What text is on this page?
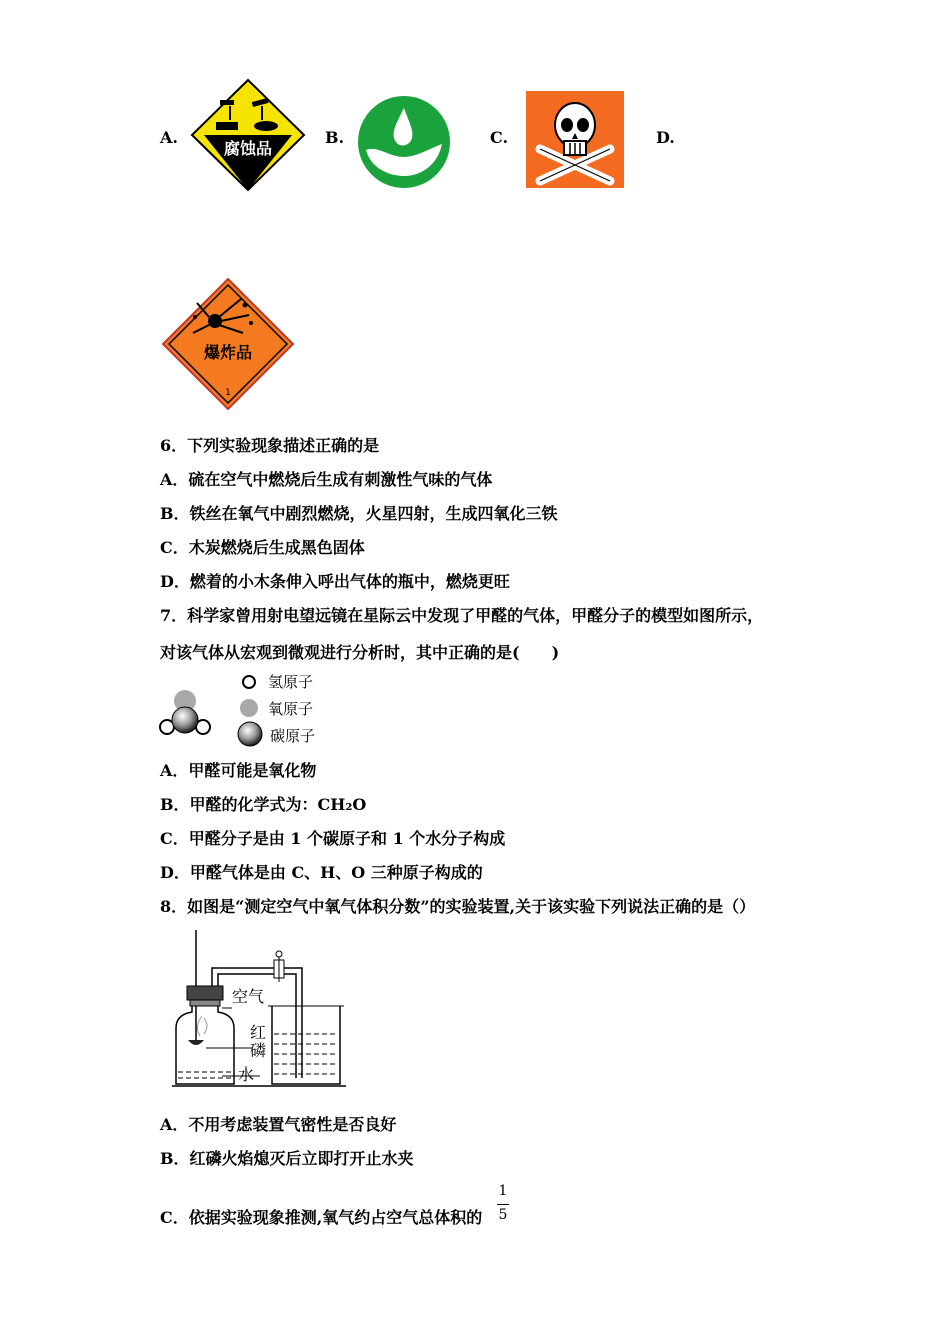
A.
腐蚀品
B.	C.	D.
爆炸品
1
6．下列实验现象描述正确的是
A．硫在空气中燃烧后生成有刺激性气味的气体
B．铁丝在氧气中剧烈燃烧，火星四射，生成四氧化三铁
C．木炭燃烧后生成黑色固体
D．燃着的小木条伸入呼出气体的瓶中，燃烧更旺
7．科学家曾用射电望远镜在星际云中发现了甲醛的气体，甲醛分子的模型如图所示，
对该气体从宏观到微观进行分析时，其中正确的是(　　)
氢原子
氧原子
碳原子
A．甲醛可能是氧化物
B．甲醛的化学式为：CH₂O
C．甲醛分子是由 1 个碳原子和 1 个水分子构成
D．甲醛气体是由 C、H、O 三种原子构成的
8．如图是“测定空气中氧气体积分数”的实验装置,关于该实验下列说法正确的是（）
空气
红
磷
水
A．不用考虑装置气密性是否良好
B．红磷火焰熄灭后立即打开止水夹
C．依据实验现象推测,氧气约占空气总体积的
1
5
